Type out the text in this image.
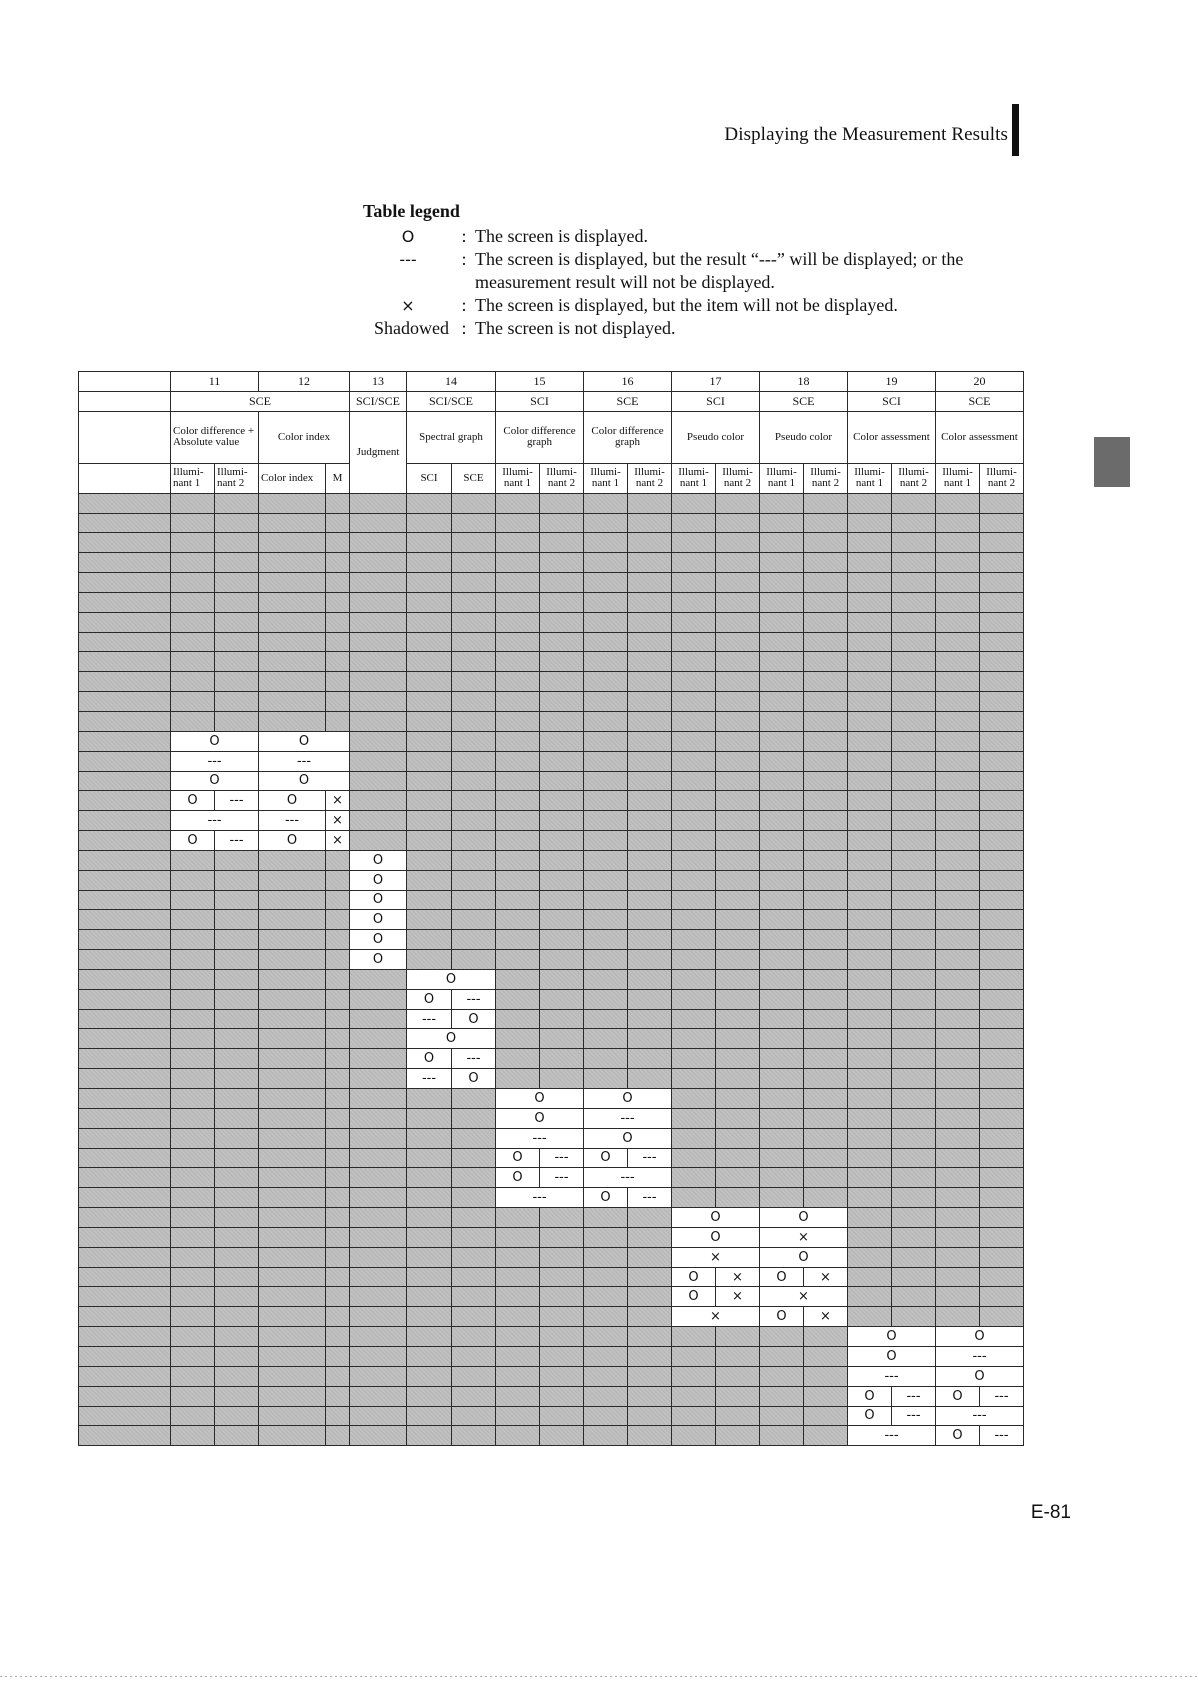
Displaying the Measurement Results
Table legend
O	: The screen is displayed.
---	: The screen is displayed, but the result “---” will be displayed; or the measurement result will not be displayed.
×	: The screen is displayed, but the item will not be displayed.
Shadowed : The screen is not displayed.
	11		12		13	14		15		16		17		18		19		20	
	SCE				SCI/SCE	SCI/SCE		SCI		SCE		SCI		SCE		SCI		SCE	
	Color difference + Absolute value		Color index		Judgment	Spectral graph		Color difference graph		Color difference graph		Pseudo color		Pseudo color		Color assessment		Color assessment	
	Illumi-nant 1	Illumi-nant 2	Color index	M		SCI	SCE	Illumi-nant 1	Illumi-nant 2	Illumi-nant 1	Illumi-nant 2	Illumi-nant 1	Illumi-nant 2	Illumi-nant 1	Illumi-nant 2	Illumi-nant 1	Illumi-nant 2	Illumi-nant 1	Illumi-nant 2

	O		O																
	---		---																
	O		O																
	O	---	O	×															
	---		---	×															
	O	---	O	×															
					O														
					O														
					O														
					O														
					O														
					O														
						O													
						O	---												
						---	O												
						O													
						O	---												
						---	O												
								O		O									
								O		---									
								---		O									
								O	---	O	---								
								O	---	---									
								---		O	---								
												O		O					
												O		×					
												×		O					
												O	×	O	×				
												O	×	×					
												×		O	×				
																O		O	
																O		---	
																---		O	
																O	---	O	---
																O	---	---	
																---		O	---
E-81
